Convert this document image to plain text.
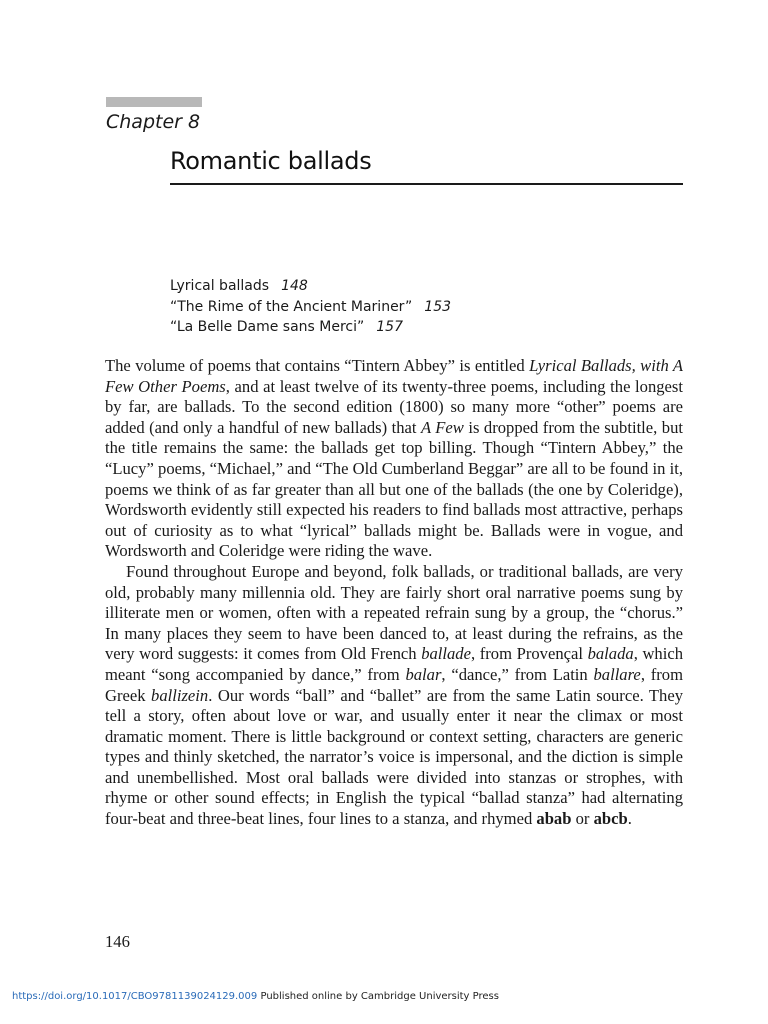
Chapter 8
Romantic ballads
Lyrical ballads 148
“The Rime of the Ancient Mariner” 153
“La Belle Dame sans Merci” 157

The volume of poems that contains “Tintern Abbey” is entitled Lyrical Ballads, with A Few Other Poems, and at least twelve of its twenty-three poems, including the longest by far, are ballads. To the second edition (1800) so many more “other” poems are added (and only a handful of new ballads) that A Few is dropped from the subtitle, but the title remains the same: the ballads get top billing. Though “Tintern Abbey,” the “Lucy” poems, “Michael,” and “The Old Cumberland Beggar” are all to be found in it, poems we think of as far greater than all but one of the ballads (the one by Coleridge), Wordsworth evidently still expected his readers to find ballads most attractive, perhaps out of curiosity as to what “lyrical” ballads might be. Ballads were in vogue, and Wordsworth and Coleridge were riding the wave.

Found throughout Europe and beyond, folk ballads, or traditional ballads, are very old, probably many millennia old. They are fairly short oral narrative poems sung by illiterate men or women, often with a repeated refrain sung by a group, the “chorus.” In many places they seem to have been danced to, at least during the refrains, as the very word suggests: it comes from Old French ballade, from Provençal balada, which meant “song accompanied by dance,” from balar, “dance,” from Latin ballare, from Greek ballizein. Our words “ball” and “ballet” are from the same Latin source. They tell a story, often about love or war, and usually enter it near the climax or most dramatic moment. There is little background or context setting, characters are generic types and thinly sketched, the narrator’s voice is impersonal, and the diction is simple and unembellished. Most oral ballads were divided into stanzas or strophes, with rhyme or other sound effects; in English the typical “ballad stanza” had alternating four-beat and three-beat lines, four lines to a stanza, and rhymed abab or abcb.

146
https://doi.org/10.1017/CBO9781139024129.009 Published online by Cambridge University Press
